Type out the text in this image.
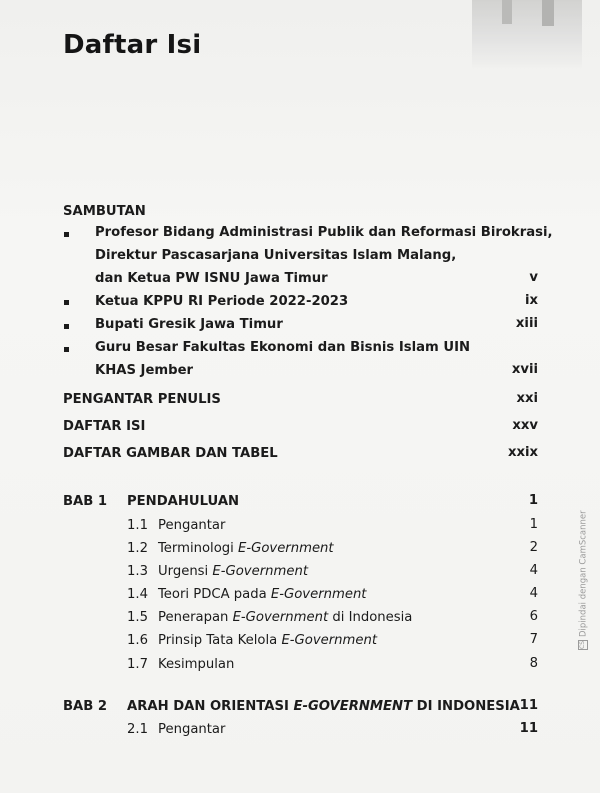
Daftar Isi
SAMBUTAN
Profesor Bidang Administrasi Publik dan Reformasi Birokrasi,
Direktur Pascasarjana Universitas Islam Malang,
dan Ketua PW ISNU Jawa Timur	v
Ketua KPPU RI Periode 2022-2023	ix
Bupati Gresik Jawa Timur	xiii
Guru Besar Fakultas Ekonomi dan Bisnis Islam UIN
KHAS Jember	xvii
PENGANTAR PENULIS	xxi
DAFTAR ISI	xxv
DAFTAR GAMBAR DAN TABEL	xxix
BAB 1 PENDAHULUAN	1
1.1 Pengantar	1
1.2 Terminologi E-Government	2
1.3 Urgensi E-Government	4
1.4 Teori PDCA pada E-Government	4
1.5 Penerapan E-Government di Indonesia	6
1.6 Prinsip Tata Kelola E-Government	7
1.7 Kesimpulan	8
BAB 2 ARAH DAN ORIENTASI E-GOVERNMENT DI INDONESIA 11
2.1 Pengantar	11
CSDipindai dengan CamScanner
